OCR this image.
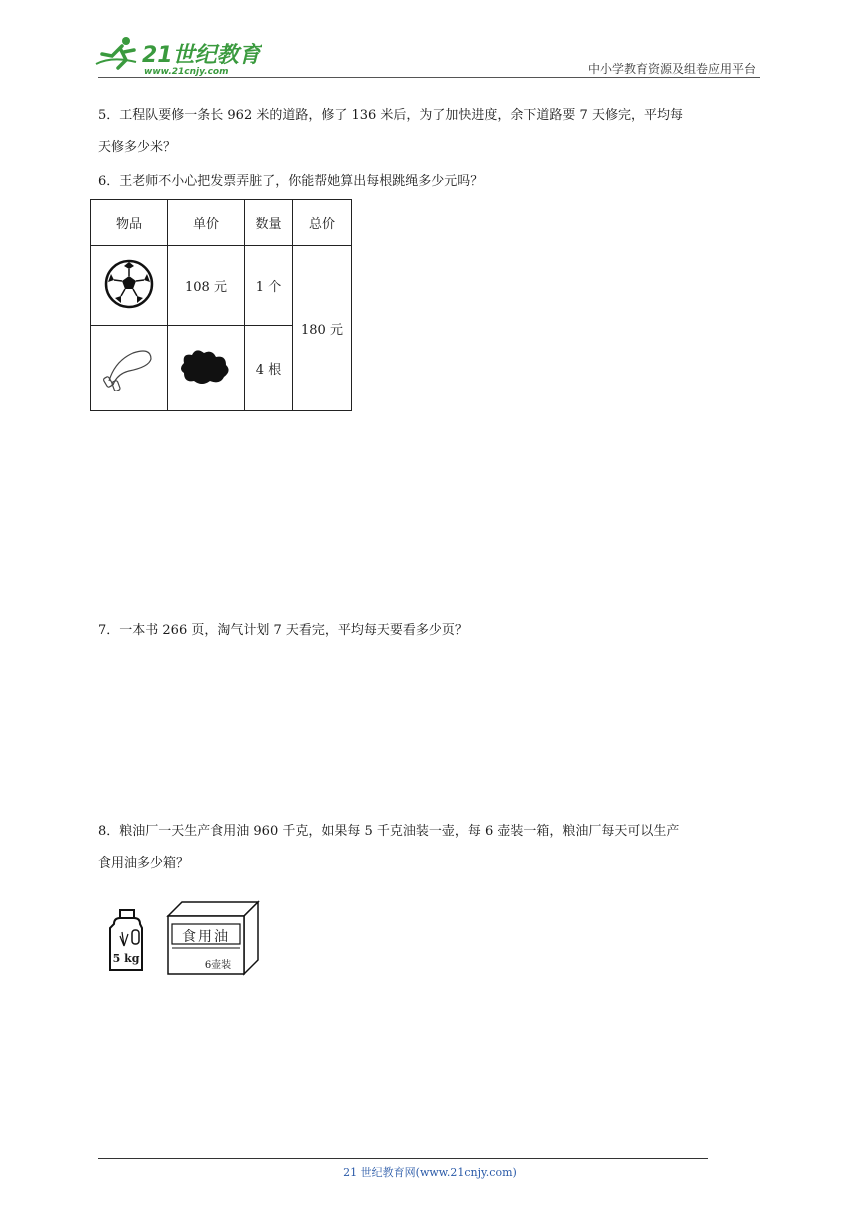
21世纪教育
www.21cnjy.com	中小学教育资源及组卷应用平台
5．工程队要修一条长 962 米的道路，修了 136 米后，为了加快进度，余下道路要 7 天修完，平均每
天修多少米？
6．王老师不小心把发票弄脏了，你能帮她算出每根跳绳多少元吗？
物品	单价	数量	总价
	108 元	1 个	180 元
		4 根	
7．一本书 266 页，淘气计划 7 天看完，平均每天要看多少页？
8．粮油厂一天生产食用油 960 千克，如果每 5 千克油装一壶，每 6 壶装一箱，粮油厂每天可以生产
食用油多少箱？
5 kg
食用油
6壶装
21 世纪教育网(www.21cnjy.com)
